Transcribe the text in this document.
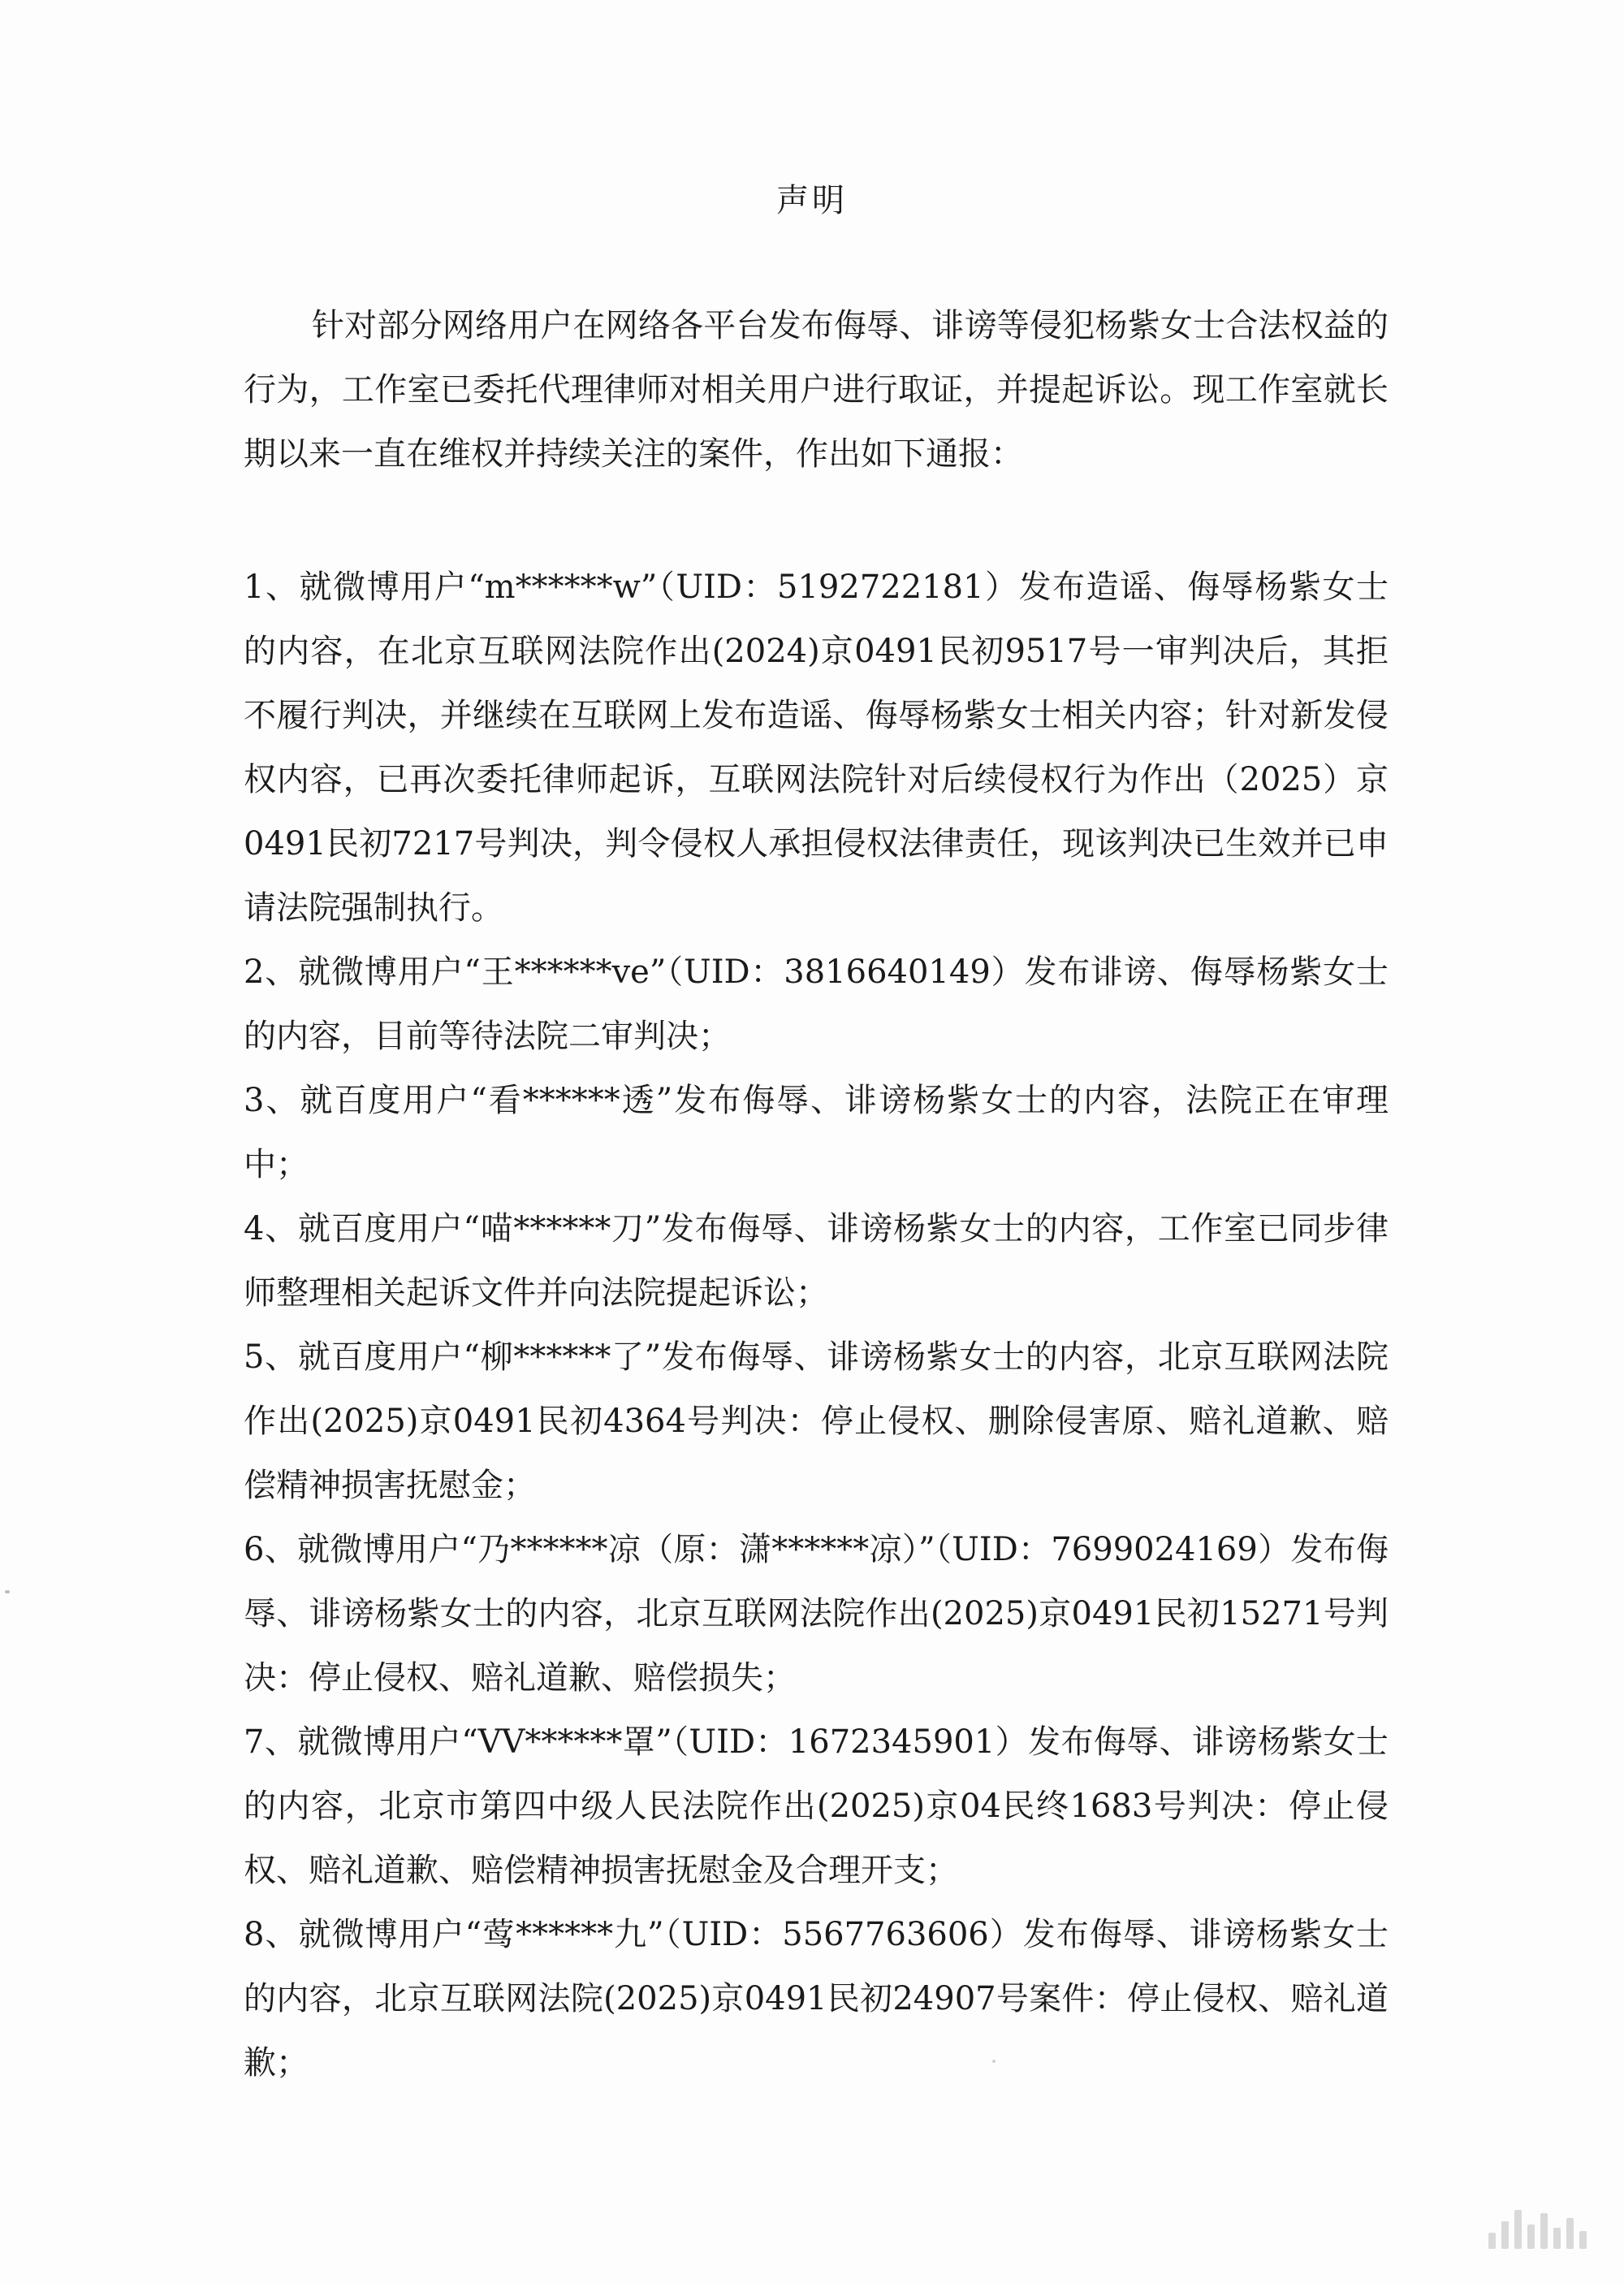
声明

针对部分网络用户在网络各平台发布侮辱、诽谤等侵犯杨紫女士合法权益的行为，工作室已委托代理律师对相关用户进行取证，并提起诉讼。现工作室就长期以来一直在维权并持续关注的案件，作出如下通报：

1、就微博用户“m******w”（UID：5192722181）发布造谣、侮辱杨紫女士的内容，在北京互联网法院作出(2024)京0491民初9517号一审判决后，其拒不履行判决，并继续在互联网上发布造谣、侮辱杨紫女士相关内容；针对新发侵权内容，已再次委托律师起诉，互联网法院针对后续侵权行为作出（2025）京0491民初7217号判决，判令侵权人承担侵权法律责任，现该判决已生效并已申请法院强制执行。
2、就微博用户“王******ve”（UID：3816640149）发布诽谤、侮辱杨紫女士的内容，目前等待法院二审判决；
3、就百度用户“看******透”发布侮辱、诽谤杨紫女士的内容，法院正在审理中；
4、就百度用户“喵******刀”发布侮辱、诽谤杨紫女士的内容，工作室已同步律师整理相关起诉文件并向法院提起诉讼；
5、就百度用户“柳******了”发布侮辱、诽谤杨紫女士的内容，北京互联网法院作出(2025)京0491民初4364号判决：停止侵权、删除侵害原、赔礼道歉、赔偿精神损害抚慰金；
6、就微博用户“乃******凉（原：潇******凉）”（UID：7699024169）发布侮辱、诽谤杨紫女士的内容，北京互联网法院作出(2025)京0491民初15271号判决：停止侵权、赔礼道歉、赔偿损失；
7、就微博用户“VV******罩”（UID：1672345901）发布侮辱、诽谤杨紫女士的内容，北京市第四中级人民法院作出(2025)京04民终1683号判决：停止侵权、赔礼道歉、赔偿精神损害抚慰金及合理开支；
8、就微博用户“莺******九”（UID：5567763606）发布侮辱、诽谤杨紫女士的内容，北京互联网法院(2025)京0491民初24907号案件：停止侵权、赔礼道歉；
